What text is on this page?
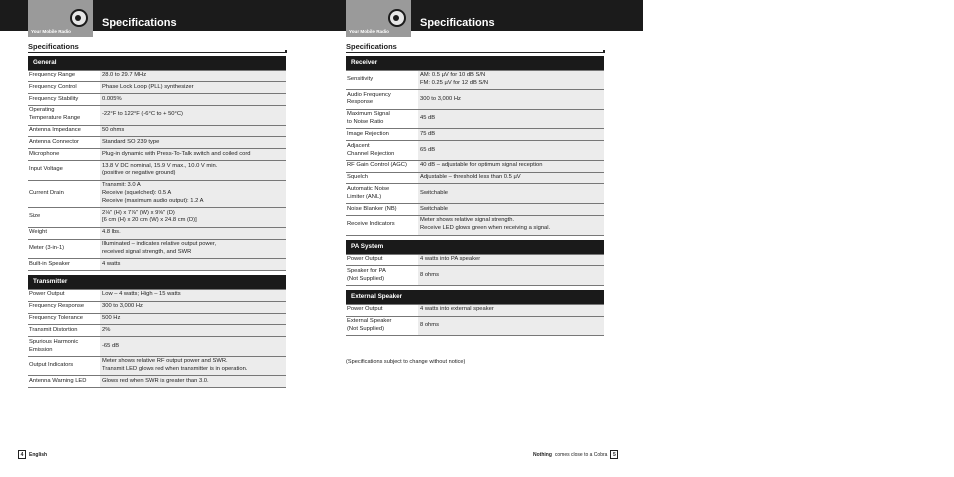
Your Mobile Radio
Specifications
Specifications
General	
Frequency Range	28.0 to 29.7 MHz
Frequency Control	Phase Lock Loop (PLL) synthesizer
Frequency Stability	0.005%
Operating
Temperature Range	-22°F to 122°F (-6°C to + 50°C)
Antenna Impedance	50 ohms
Antenna Connector	Standard SO 239 type
Microphone	Plug-in dynamic with Press-To-Talk switch and coiled cord
Input Voltage	13.8 V DC nominal, 15.9 V max., 10.0 V min.
(positive or negative ground)
Current Drain	Transmit: 3.0 A
Receive (squelched): 0.5 A
Receive (maximum audio output): 1.2 A
Size	2⅛" (H) x 7⅞" (W) x 9⅝" (D)
[6 cm (H) x 20 cm (W) x 24.8 cm (D)]
Weight	4.8 lbs.
Meter (3-in-1)	Illuminated – indicates relative output power,
received signal strength, and SWR
Built-in Speaker	4 watts

Transmitter	
Power Output	Low – 4 watts; High – 15 watts
Frequency Response	300 to 3,000 Hz
Frequency Tolerance	500 Hz
Transmit Distortion	2%
Spurious Harmonic
Emission	-65 dB
Output Indicators	Meter shows relative RF output power and SWR.
Transmit LED glows red when transmitter is in operation.
Antenna Warning LED	Glows red when SWR is greater than 3.0.
4	English
Your Mobile Radio
Specifications
Specifications
Receiver	
Sensitivity	AM: 0.5 µV for 10 dB S/N
FM: 0.25 µV for 12 dB S/N
Audio Frequency
Response	300 to 3,000 Hz
Maximum Signal
to Noise Ratio	45 dB
Image Rejection	75 dB
Adjacent
Channel Rejection	65 dB
RF Gain Control (AGC)	40 dB – adjustable for optimum signal reception
Squelch	Adjustable – threshold less than 0.5 µV
Automatic Noise
Limiter (ANL)	Switchable
Noise Blanker (NB)	Switchable
Receive Indicators	Meter shows relative signal strength.
Receive LED glows green when receiving a signal.

PA System	
Power Output	4 watts into PA speaker
Speaker for PA
(Not Supplied)	8 ohms

External Speaker	
Power Output	4 watts into external speaker
External Speaker
(Not Supplied)	8 ohms
(Specifications subject to change without notice)
Nothing comes close to a Cobra	5
